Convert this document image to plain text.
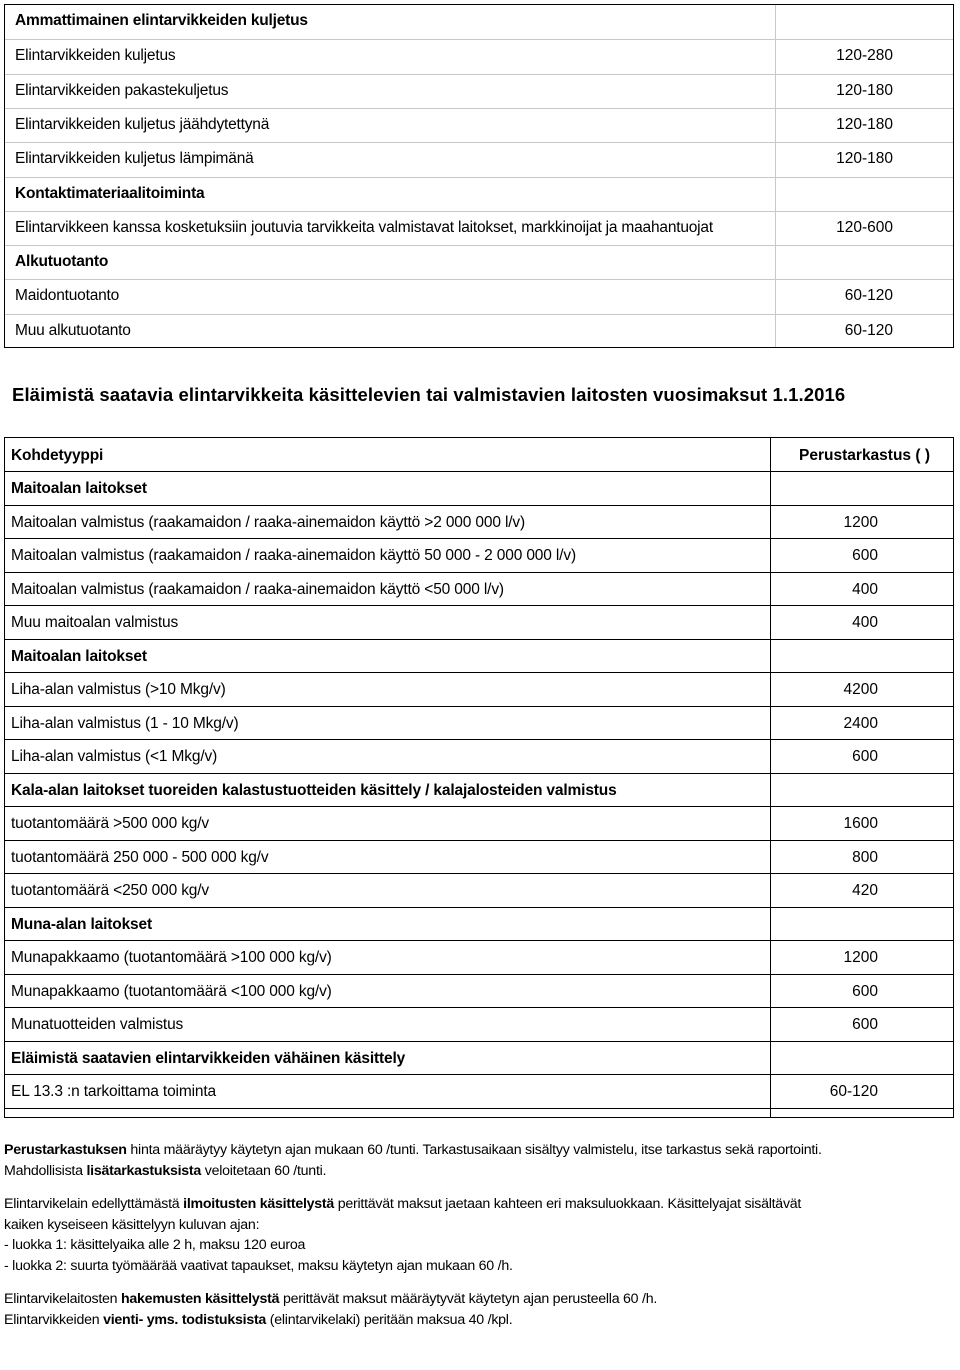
Ammattimainen elintarvikkeiden kuljetus
Elintarvikkeiden kuljetus	120-280
Elintarvikkeiden pakastekuljetus	120-180
Elintarvikkeiden kuljetus jäähdytettynä	120-180
Elintarvikkeiden kuljetus lämpimänä	120-180
Kontaktimateriaalitoiminta
Elintarvikkeen kanssa kosketuksiin joutuvia tarvikkeita valmistavat laitokset, markkinoijat ja maahantuojat	120-600
Alkutuotanto
Maidontuotanto	60-120
Muu alkutuotanto	60-120
Eläimistä saatavia elintarvikkeita käsittelevien tai valmistavien laitosten vuosimaksut 1.1.2016
Kohdetyyppi	Perustarkastus ( )
Maitoalan laitokset
Maitoalan valmistus (raakamaidon / raaka-ainemaidon käyttö >2 000 000 l/v)	1200
Maitoalan valmistus (raakamaidon / raaka-ainemaidon käyttö 50 000 - 2 000 000 l/v)	600
Maitoalan valmistus (raakamaidon / raaka-ainemaidon käyttö <50 000 l/v)	400
Muu maitoalan valmistus	400
Maitoalan laitokset
Liha-alan valmistus (>10 Mkg/v)	4200
Liha-alan valmistus (1 - 10 Mkg/v)	2400
Liha-alan valmistus (<1 Mkg/v)	600
Kala-alan laitokset tuoreiden kalastustuotteiden käsittely / kalajalosteiden valmistus
tuotantomäärä >500 000 kg/v	1600
tuotantomäärä 250 000 - 500 000 kg/v	800
tuotantomäärä <250 000 kg/v	420
Muna-alan laitokset
Munapakkaamo (tuotantomäärä >100 000 kg/v)	1200
Munapakkaamo (tuotantomäärä <100 000 kg/v)	600
Munatuotteiden valmistus	600
Eläimistä saatavien elintarvikkeiden vähäinen käsittely
EL 13.3 :n tarkoittama toiminta	60-120

Perustarkastuksen hinta määräytyy käytetyn ajan mukaan 60 /tunti. Tarkastusaikaan sisältyy valmistelu, itse tarkastus sekä raportointi.

Mahdollisista lisätarkastuksista veloitetaan 60 /tunti.

Elintarvikelain edellyttämästä ilmoitusten käsittelystä perittävät maksut jaetaan kahteen eri maksuluokkaan. Käsittelyajat sisältävät

kaiken kyseiseen käsittelyyn kuluvan ajan:

- luokka 1: käsittelyaika alle 2 h, maksu 120 euroa

- luokka 2: suurta työmäärää vaativat tapaukset, maksu käytetyn ajan mukaan 60 /h.

Elintarvikelaitosten hakemusten käsittelystä perittävät maksut määräytyvät käytetyn ajan perusteella 60 /h.

Elintarvikkeiden vienti- yms. todistuksista (elintarvikelaki) peritään maksua 40 /kpl.
